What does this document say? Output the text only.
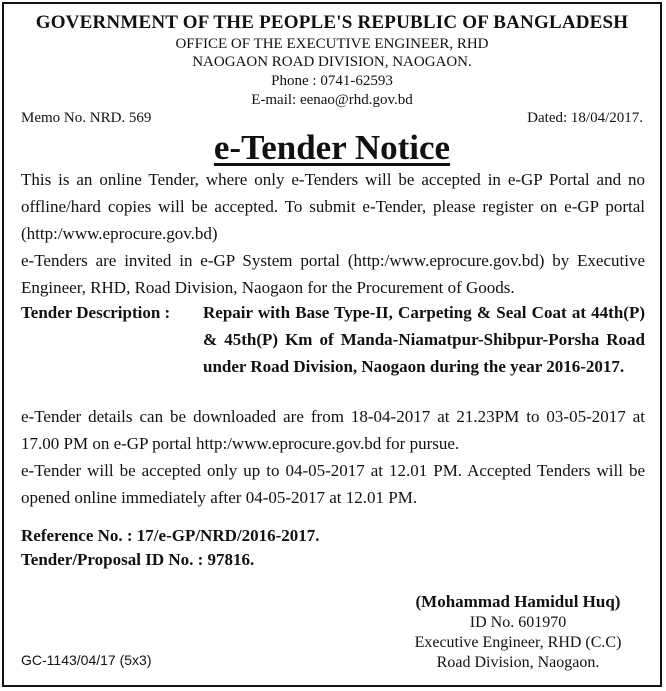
GOVERNMENT OF THE PEOPLE'S REPUBLIC OF BANGLADESH
OFFICE OF THE EXECUTIVE ENGINEER, RHD
NAOGAON ROAD DIVISION, NAOGAON.
Phone : 0741-62593
E-mail: eenao@rhd.gov.bd
Memo No. NRD. 569	Dated: 18/04/2017.
e-Tender Notice
This is an online Tender, where only e-Tenders will be accepted in e-GP Portal and no offline/hard copies will be accepted. To submit e-Tender, please register on e-GP portal (http:/www.eprocure.gov.bd)
e-Tenders are invited in e-GP System portal (http:/www.eprocure.gov.bd) by Executive Engineer, RHD, Road Division, Naogaon for the Procurement of Goods.
Tender Description : Repair with Base Type-II, Carpeting & Seal Coat at 44th(P) & 45th(P) Km of Manda-Niamatpur-Shibpur-Porsha Road under Road Division, Naogaon during the year 2016-2017.
e-Tender details can be downloaded are from 18-04-2017 at 21.23PM to 03-05-2017 at 17.00 PM on e-GP portal http:/www.eprocure.gov.bd for pursue.
e-Tender will be accepted only up to 04-05-2017 at 12.01 PM. Accepted Tenders will be opened online immediately after 04-05-2017 at 12.01 PM.
Reference No. : 17/e-GP/NRD/2016-2017.
Tender/Proposal ID No. : 97816.
(Mohammad Hamidul Huq)
ID No. 601970
Executive Engineer, RHD (C.C)
Road Division, Naogaon.
GC-1143/04/17 (5x3)
